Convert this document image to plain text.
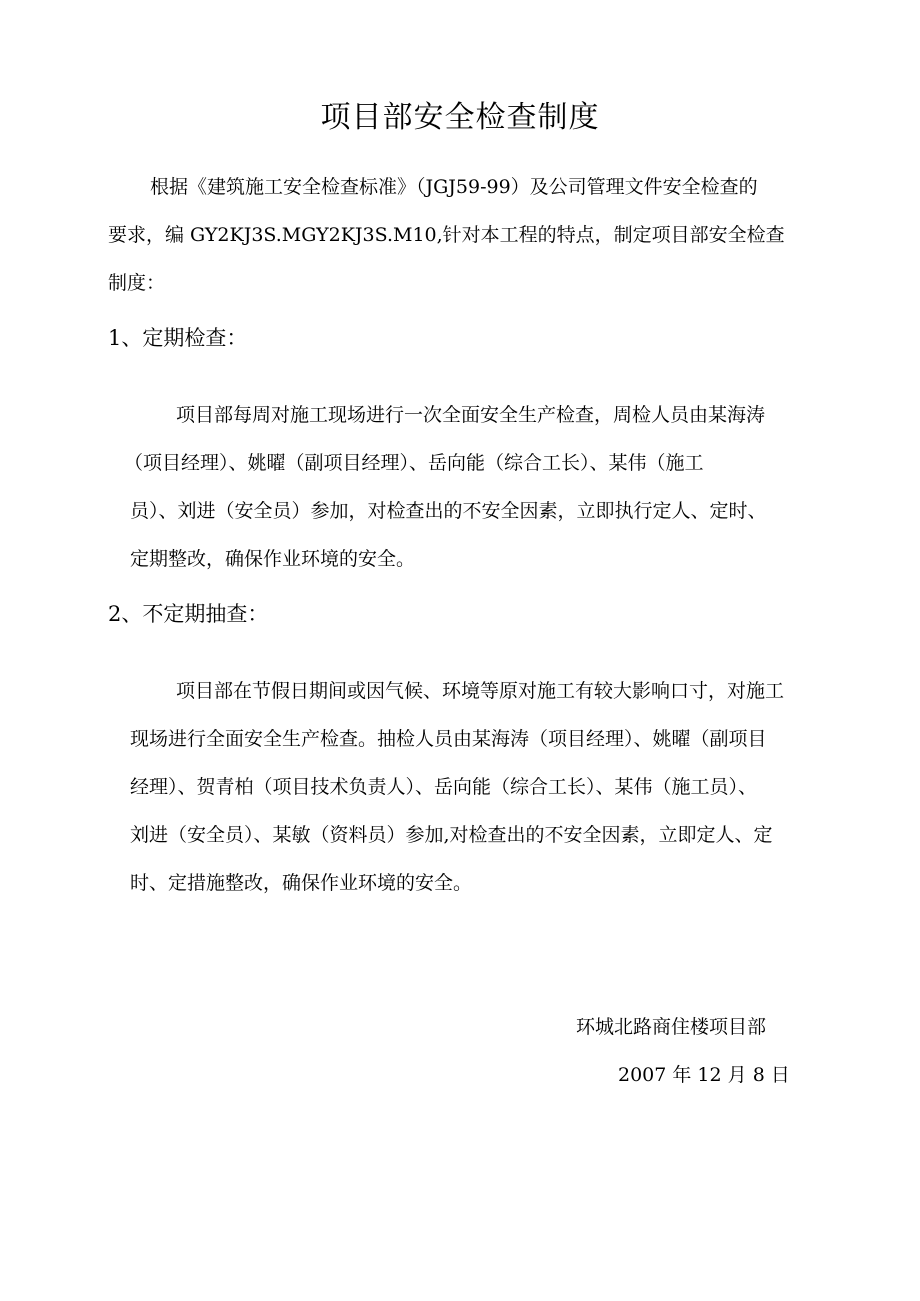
项目部安全检查制度
根据《建筑施工安全检查标准》（JGJ59-99）及公司管理文件安全检查的
要求，编 GY2KJ3S.MGY2KJ3S.M10,针对本工程的特点，制定项目部安全检查
制度：
1、定期检查：
项目部每周对施工现场进行一次全面安全生产检查，周检人员由某海涛
（项目经理）、姚曜（副项目经理）、岳向能（综合工长）、某伟（施工
员）、刘进（安全员）参加，对检查出的不安全因素，立即执行定人、定时、
定期整改，确保作业环境的安全。
2、不定期抽查：
项目部在节假日期间或因气候、环境等原对施工有较大影响口寸，对施工
现场进行全面安全生产检查。抽检人员由某海涛（项目经理）、姚曜（副项目
经理）、贺青柏（项目技术负责人）、岳向能（综合工长）、某伟（施工员）、
刘进（安全员）、某敏（资料员）参加,对检查出的不安全因素，立即定人、定
时、定措施整改，确保作业环境的安全。
环城北路商住楼项目部
2007 年 12 月 8 日
